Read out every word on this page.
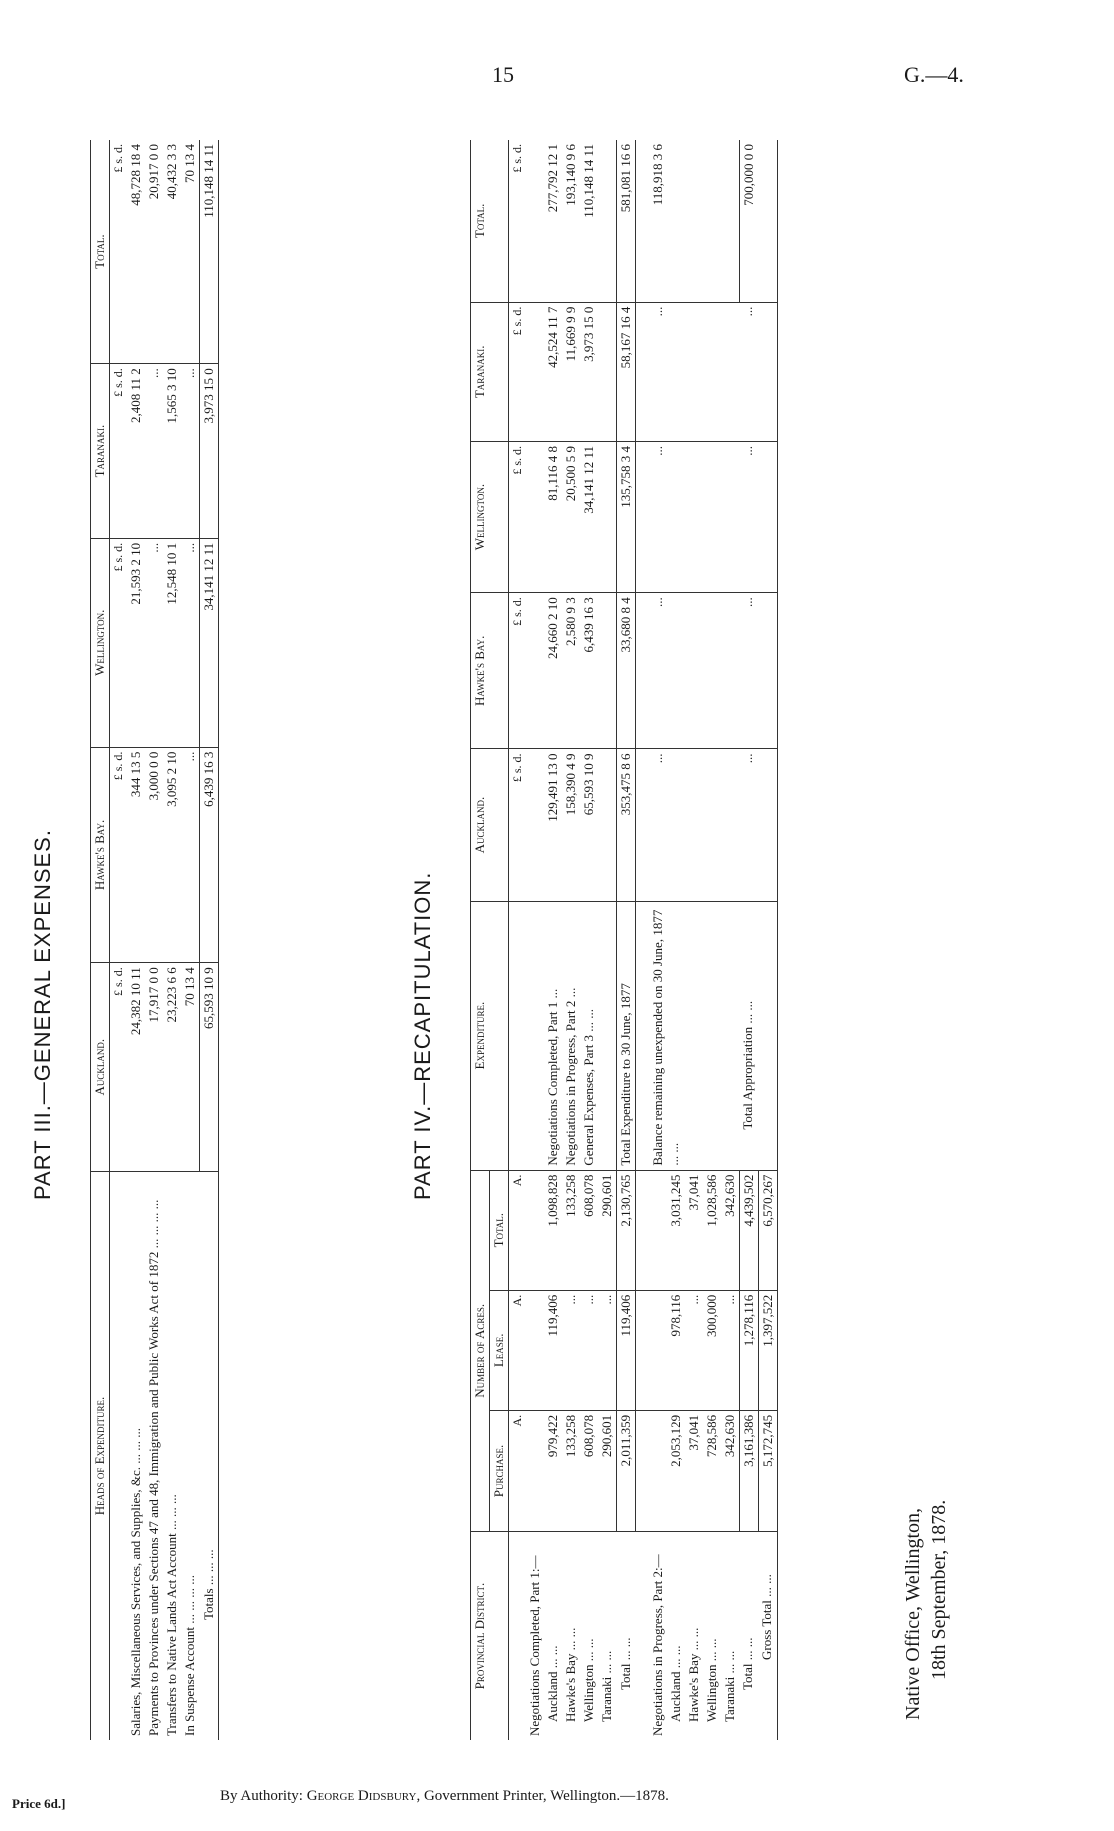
15	G.—4.
PART III.—GENERAL EXPENSES.
Heads of Expenditure.	Auckland.	Hawke's Bay.	Wellington.	Taranaki.	Total.
	£ s. d.	£ s. d.	£ s. d.	£ s. d.	£ s. d.
Salaries, Miscellaneous Services, and Supplies, &c. ... ... ...	24,382 10 11	344 13 5	21,593 2 10	2,408 11 2	48,728 18 4
Payments to Provinces under Sections 47 and 48, Immigration and Public Works Act of 1872 ... ... ... ...	17,917 0 0	3,000 0 0	...	...	20,917 0 0
Transfers to Native Lands Act Account ... ... ...	23,223 6 6	3,095 2 10	12,548 10 1	1,565 3 10	40,432 3 3
In Suspense Account ... ... ... ...	70 13 4	...	...	...	70 13 4
Totals ... ... ...	65,593 10 9	6,439 16 3	34,141 12 11	3,973 15 0	110,148 14 11
PART IV.—RECAPITULATION.
Provincial District.	Number of Acres.			Expenditure.	Auckland.	Hawke's Bay.	Wellington.	Taranaki.	Total.
	Purchase.	Lease.	Total.						
	A.	A.	A.		£ s. d.	£ s. d.	£ s. d.	£ s. d.	£ s. d.
Negotiations Completed, Part 1:—									
Auckland ... ...	979,422	119,406	1,098,828	Negotiations Completed, Part 1 ...	129,491 13 0	24,660 2 10	81,116 4 8	42,524 11 7	277,792 12 1
Hawke's Bay ... ...	133,258	...	133,258	Negotiations in Progress, Part 2 ...	158,390 4 9	2,580 9 3	20,500 5 9	11,669 9 9	193,140 9 6
Wellington ... ...	608,078	...	608,078	General Expenses, Part 3 ... ...	65,593 10 9	6,439 16 3	34,141 12 11	3,973 15 0	110,148 14 11
Taranaki ... ...	290,601	...	290,601						
Total ... ...	2,011,359	119,406	2,130,765	Total Expenditure to 30 June, 1877	353,475 8 6	33,680 8 4	135,758 3 4	58,167 16 4	581,081 16 6
Negotiations in Progress, Part 2:—				Balance remaining unexpended on 30 June, 1877 ... ...	...	...	...	...	118,918 3 6
Auckland ... ...	2,053,129	978,116	3,031,245						
Hawke's Bay ... ...	37,041	...	37,041						
Wellington ... ...	728,586	300,000	1,028,586						
Taranaki ... ...	342,630	...	342,630						
Total ... ...	3,161,386	1,278,116	4,439,502	Total Appropriation ... ...	...	...	...	...	700,000 0 0
Gross Total ... ...	5,172,745	1,397,522	6,570,267						
Native Office, Wellington, 18th September, 1878.
Price 6d.]	By Authority: George Didsbury, Government Printer, Wellington.—1878.
